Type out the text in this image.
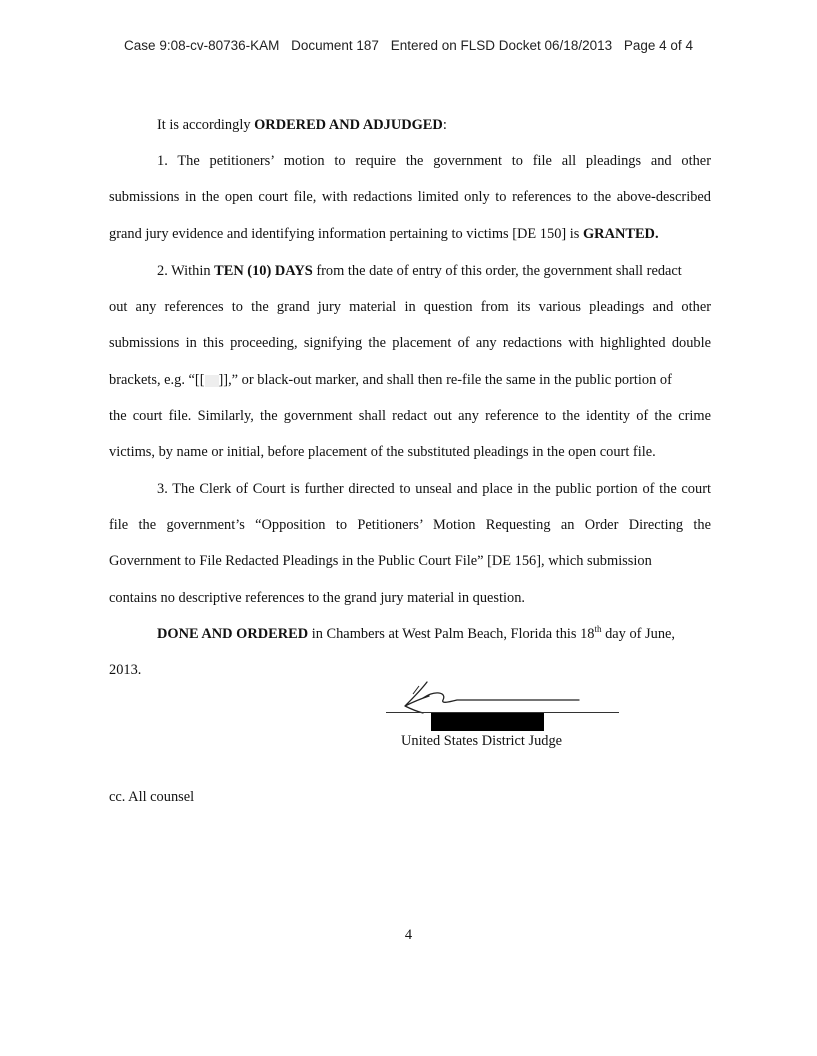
Case 9:08-cv-80736-KAM Document 187 Entered on FLSD Docket 06/18/2013 Page 4 of 4
It is accordingly ORDERED AND ADJUDGED:
1. The petitioners’ motion to require the government to file all pleadings and other
submissions in the open court file, with redactions limited only to references to the above-described
grand jury evidence and identifying information pertaining to victims [DE 150] is GRANTED.
2. Within TEN (10) DAYS from the date of entry of this order, the government shall redact
out any references to the grand jury material in question from its various pleadings and other
submissions in this proceeding, signifying the placement of any redactions with highlighted double
brackets, e.g. “[[ ]],” or black-out marker, and shall then re-file the same in the public portion of
the court file. Similarly, the government shall redact out any reference to the identity of the crime
victims, by name or initial, before placement of the substituted pleadings in the open court file.
3. The Clerk of Court is further directed to unseal and place in the public portion of the court
file the government’s “Opposition to Petitioners’ Motion Requesting an Order Directing the
Government to File Redacted Pleadings in the Public Court File” [DE 156], which submission
contains no descriptive references to the grand jury material in question.
DONE AND ORDERED in Chambers at West Palm Beach, Florida this 18th day of June,
2013.
United States District Judge
cc. All counsel
4
